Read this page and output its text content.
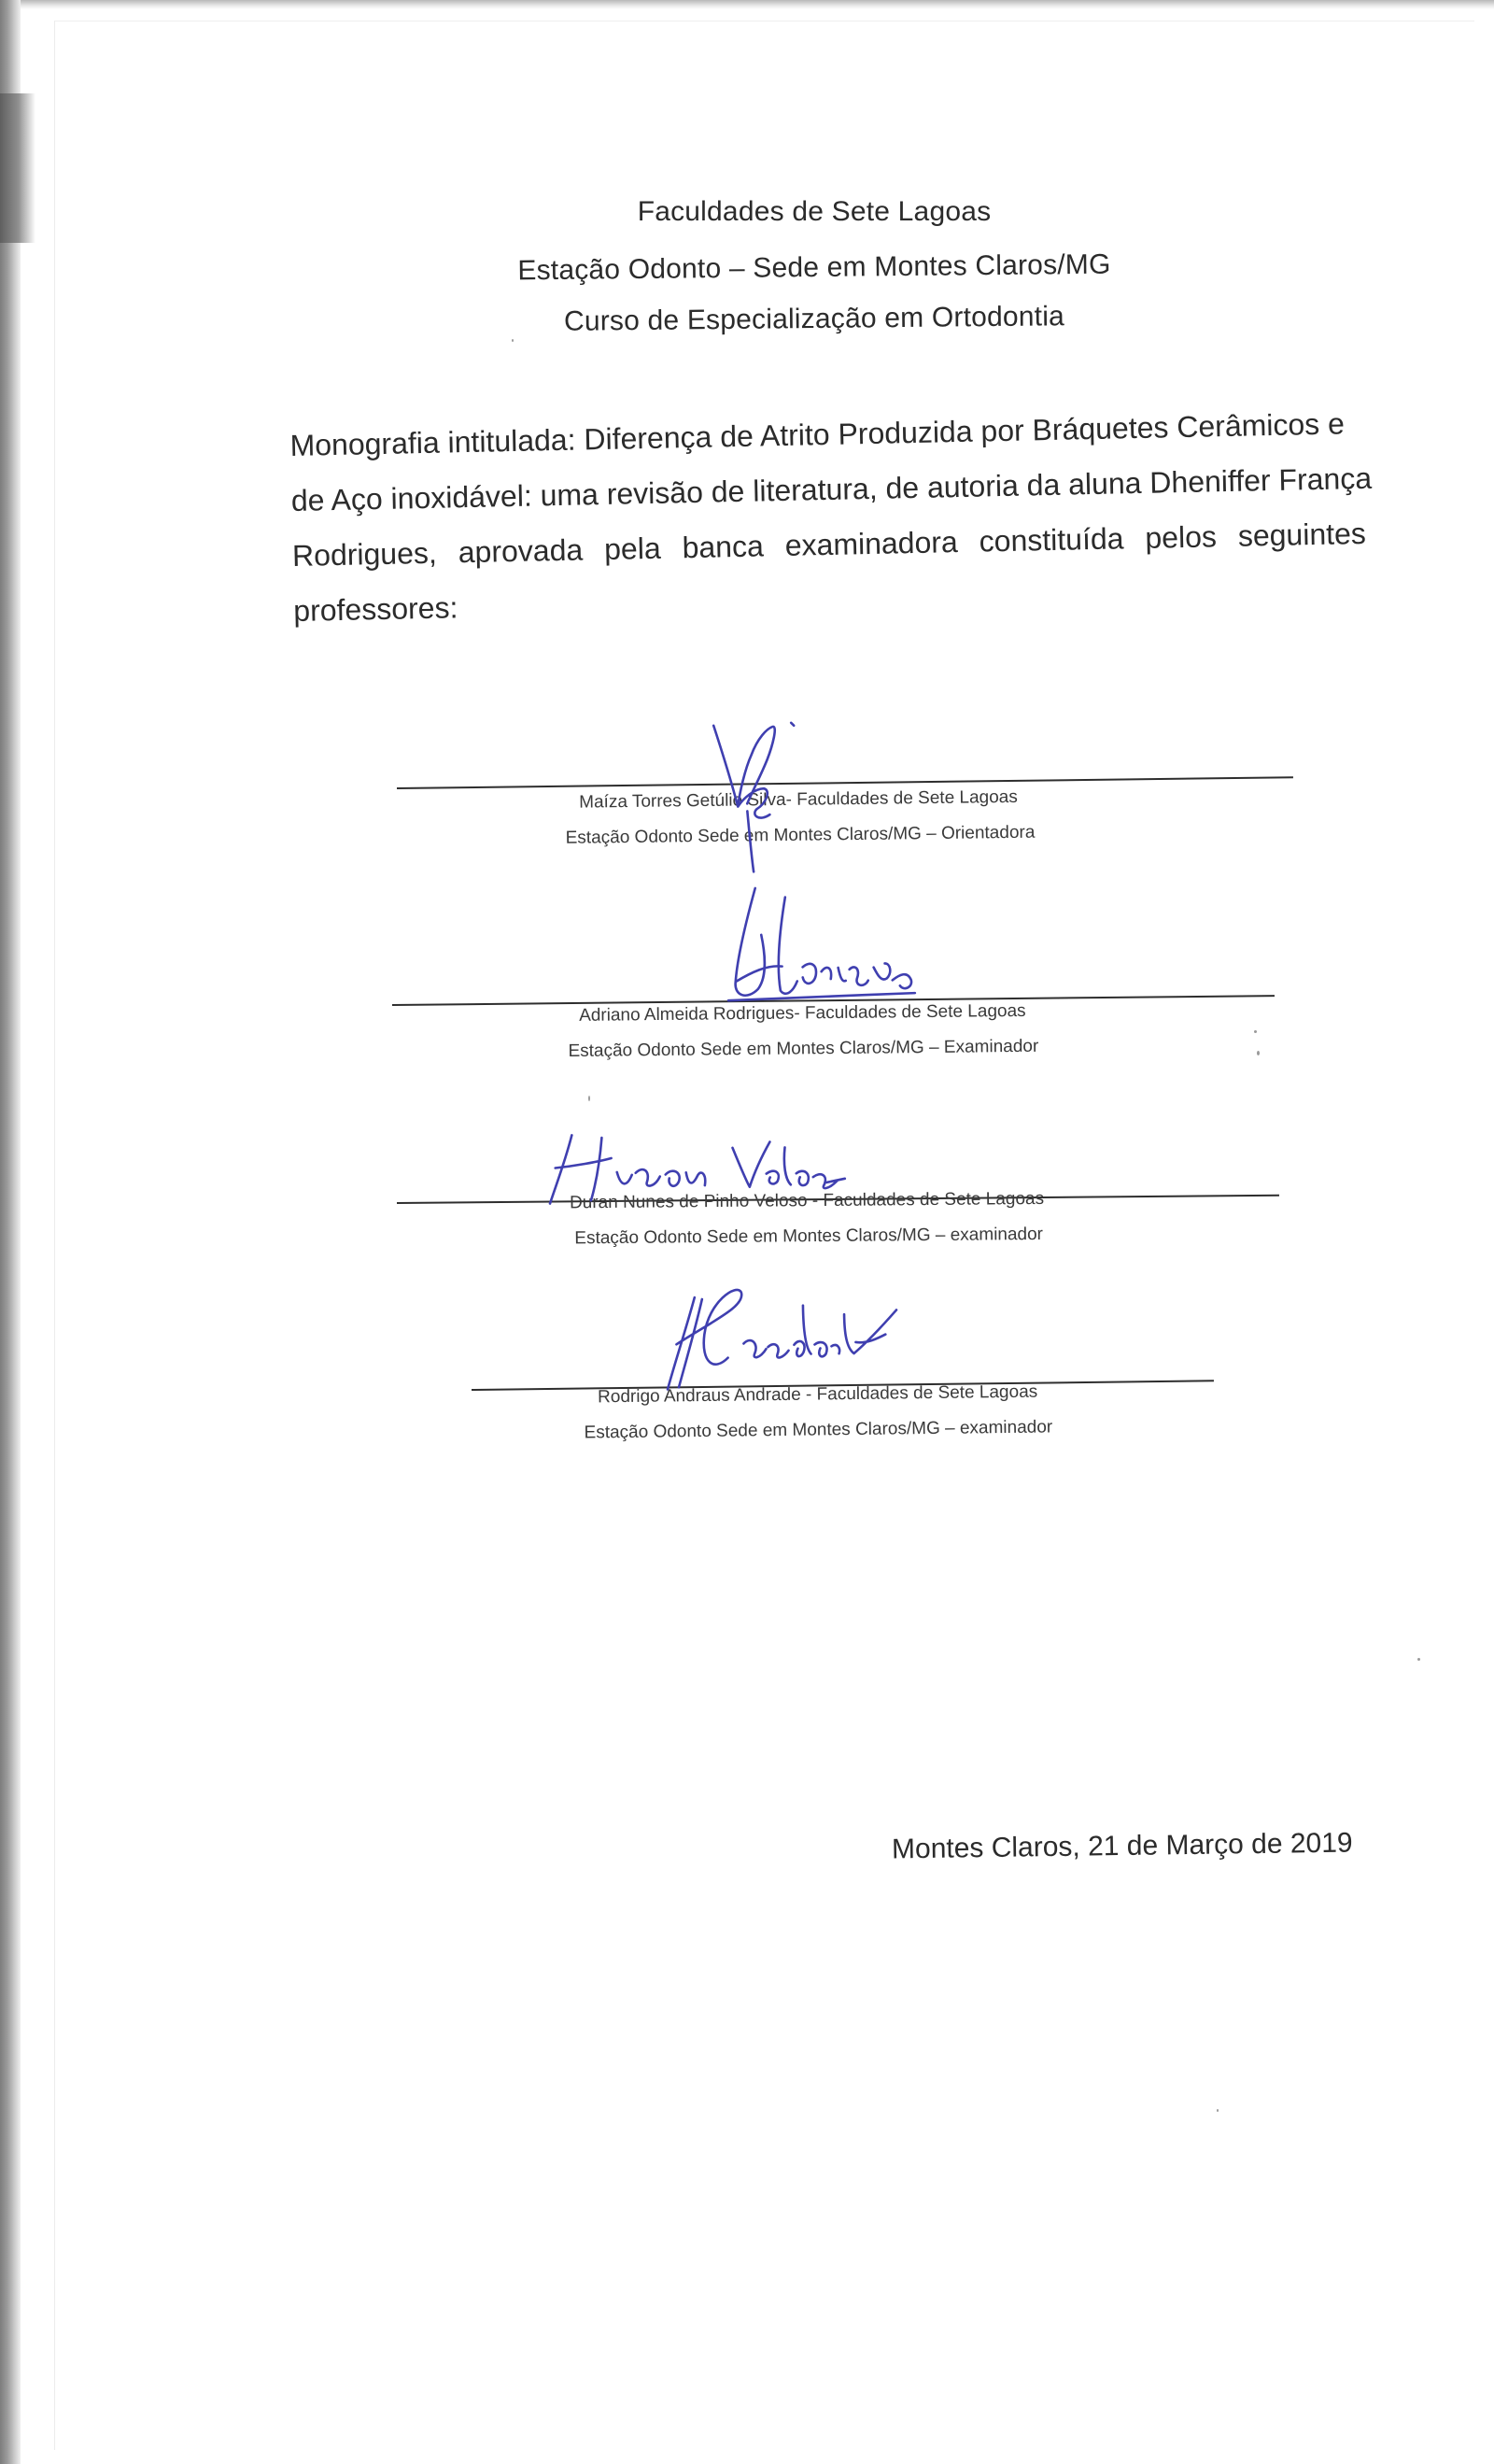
Faculdades de Sete Lagoas
Estação Odonto – Sede em Montes Claros/MG
Curso de Especialização em Ortodontia
Monografia intitulada: Diferença de Atrito Produzida por Bráquetes Cerâmicos e
de Aço inoxidável: uma revisão de literatura, de autoria da aluna Dheniffer França
Rodrigues, aprovada pela banca examinadora constituída pelos seguintes
professores:
Maíza Torres Getúlio Silva- Faculdades de Sete Lagoas
Estação Odonto Sede em Montes Claros/MG – Orientadora
Adriano Almeida Rodrigues- Faculdades de Sete Lagoas
Estação Odonto Sede em Montes Claros/MG – Examinador
Duran Nunes de Pinho Veloso - Faculdades de Sete Lagoas
Estação Odonto Sede em Montes Claros/MG – examinador
Rodrigo Andraus Andrade - Faculdades de Sete Lagoas
Estação Odonto Sede em Montes Claros/MG – examinador
Montes Claros, 21 de Março de 2019
